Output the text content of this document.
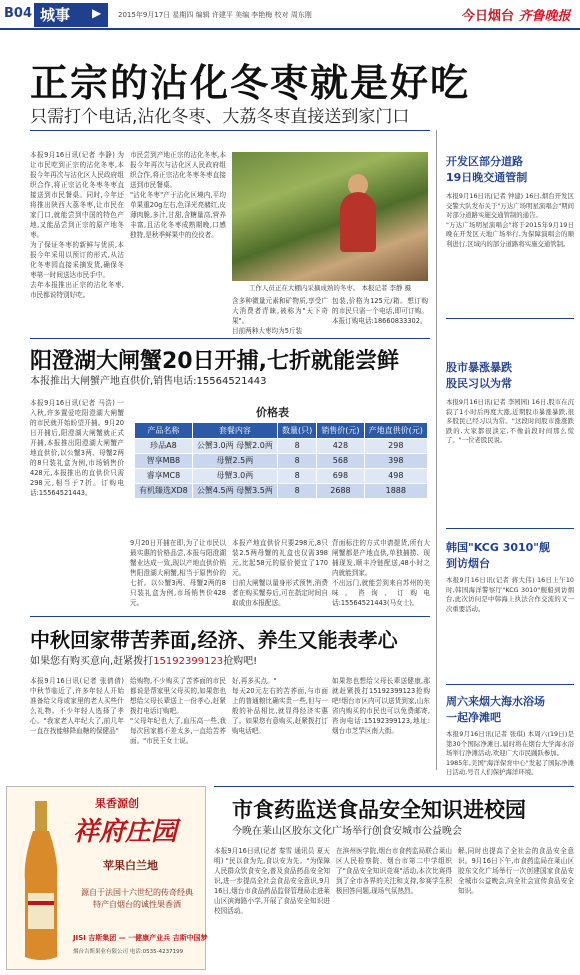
B04 城事	▶ 2015年9月17日 星期四 编辑 许建平 美编 李艳梅 校对 周东刚	今日烟台 齐鲁晚报
正宗的沾化冬枣就是好吃
只需打个电话,沾化冬枣、大荔冬枣直接送到家门口
本报9月16日讯(记者 李静) 为让市民吃到正宗的沾化冬枣,本报今年再次与沾化区人民政府组织合作,将正宗沾化冬枣冬枣直接送到市民餐桌。同时,今年还将推出陕西大荔冬枣,让市民在家门口,就能尝到中国的特色产地,又能品尝到正宗的原产地冬枣。
为了保证冬枣的新鲜与优质,本报今年采用以预订的形式,从沾化冬枣园直接采摘发货,确保冬枣第一时间送达市民手中。
去年本报推出正宗的沾化冬枣,市民都说特别好吃。
市民尝到产地正宗的沾化冬枣,本报今年再次与沾化区人民政府组织合作,将正宗沾化冬枣冬枣直接送到市民餐桌。
"沾化冬枣"产于沾化区境内,平均单果重20g左右,色泽光亮赭红,皮薄肉脆,多汁,甘甜,含糖量高,营养丰富,且沾化冬枣成熟期晚,口感独特,是秋季鲜果中的佼佼者。
工作人员正在大棚内采摘成熟的冬枣。 本报记者 李静 摄
含多种微量元素和矿物质,享受广大消费者青睐,被称为"天下奇果"。
目前两种大枣均为5斤装
包装,价格为125元/箱。想订购的市民只需一个电话,即可订购。本报订购电话:18660833302。
开发区部分道路
19日晚交通管制
本报9月16日讯(记者 钟建) 16日,烟台开发区交警大队发布关于"万达广场明星演唱会"期间对部分道路实施交通管制的通告。
"万达广场明星演唱会"将于2015年9月19日晚在开发区天地广场举行,为保障演唱会的顺利进行,区域内的部分道路将实施交通管制。
股市暴涨暴跌
股民习以为常
本报9月16日讯(记者 李园园) 16日,股市在沉寂了1小时后再度大涨,近期股市暴涨暴跌,很多股民已经习以为常。"这段时间股市涨涨跌跌的,大家都很淡定,不像前段时间那么慌了。"一位老股民说。
韩国"KCG 3010"舰
到访烟台
本报9月16日讯(记者 蒋大伟) 16日上午10时,韩国海洋警察厅"KCG 3010"舰船到访烟台,此次访问是中韩海上执法合作交流的又一次重要活动。
周六来烟大海水浴场
一起净滩吧
本报9月16日讯(记者 张琪) 本周六(19日)是第30个国际净滩日,届时将在烟台大学海水浴场举行净滩活动,欢迎广大市民踊跃参加。
1985年,美国"海洋保育中心"发起了国际净滩日活动,号召人们保护海洋环境。
阳澄湖大闸蟹20日开捕,七折就能尝鲜
本报推出大闸蟹产地直供价,销售电话:15564521443
本报9月16日讯(记者 马浩) 一入秋,许多置爱吃阳澄湖大闸蟹的市民就开始盼望开捕。9月20日开捕后,阳澄湖大闸蟹就正式开捕,本报推出阳澄湖大闸蟹产地直供价,以公蟹3两、母蟹2两的8只装礼盒为例,市场销售价428元,本报推出的直供价只需298元,相当于7折。订购电话:15564521443。
价格表
产品名称	套餐内容	数量(只)	销售价(元)	产地直供价(元)
珍品A8	公蟹3.0两 母蟹2.0两	8	428	298
智享MB8	母蟹2.5两	8	568	398
睿享MC8	母蟹3.0两	8	698	498
有机臻选XD8	公蟹4.5两 母蟹3.5两	8	2688	1888
9月20日开捕在即,为了让市民以最实惠的价格品尝,本报与阳澄湖蟹业达成一致,现以产地直供价销售阳澄湖大闸蟹,相当于原售价的七折。以公蟹3两、母蟹2两的8只装礼盒为例,市场销售价428元。
本报产地直供价只要298元,8只装2.5两母蟹的礼盒也仅需398元,比起58元的原价便宜了170元。
目前大闸蟹以量身形式预售,消费者在购买蟹券后,可在指定时间自取或由本报配送。
背面标注的方式申请提货,所有大闸蟹都是产地直供,单独捕捞、现捕现发,顺丰冷链配送,48小时之内就能到家。
不出远门,就能尝到来自苏州的美味。咨询、订购电话:15564521443(马女士)。
中秋回家带苦荞面,经济、养生又能表孝心
如果您有购买意向,赶紧拨打15192399123抢购吧!
本报9月16日讯(记者 张倩倩) 中秋节临近了,许多年轻人开始准备给父母或家里的老人买些什么礼物。不少年轻人选择了孝心。"我家老人年纪大了,前几年一直在找能够降血糖的保健品"
给购物,不少购买了苦荞面的市民都说是帮家里父母买的,如果您也想给父母长辈送上一份孝心,赶紧拨打电话订购吧。
"父母年纪也大了,血压高一些,我每次回家都不差太多,一直给苦荞面。"市民王女士说。
好,再多买点。"
每天20元左右的苦荞面,与市面上的普通粮比确实贵一些,但与一般的补品相比,就显得经济实惠了。如果您有意购买,赶紧拨打订购电话吧。
如果您也想给父母长辈送健康,那就赶紧拨打15192399123抢购吧!烟台市区内可以送货到家,山东省内购买的市民也可以免费邮寄,咨询电话:15192399123,地址:烟台市芝罘区南大街。
果香源创
祥府庄园
苹果白兰地
源自于法国十六世纪的传奇经典
特产自烟台的诚性果香酒
JISI 吉斯集团 — 一健康产业兵 吉斯中国梦
烟台吉斯果业有限公司 电话:0535-4237199
市食药监送食品安全知识进校园
今晚在莱山区胶东文化广场举行创食安城市公益晚会
本报9月16日讯(记者 秦雪 通讯员 夏天明) "民以食为先,食以安为先。"为保障人民群众饮食安全,普及食品药品安全知识,进一步提高全社会食品安全意识,9月16日,烟台市食品药品监督管理局走进莱山区滨海路小学,开展了食品安全知识进校园活动。
在滨州医学院,烟台市食药监局联合莱山区人民检察院、烟台市第二中学组织了"食品安全知识竞赛"活动,本次比赛得到了全市各界的关注和支持,参赛学生积极回答问题,现场气氛热烈。
解,同时也提高了全社会的食品安全意识。9月16日下午,市食药监局在莱山区胶东文化广场举行一次创建国家食品安全城市公益晚会,向全社会宣传食品安全知识。
